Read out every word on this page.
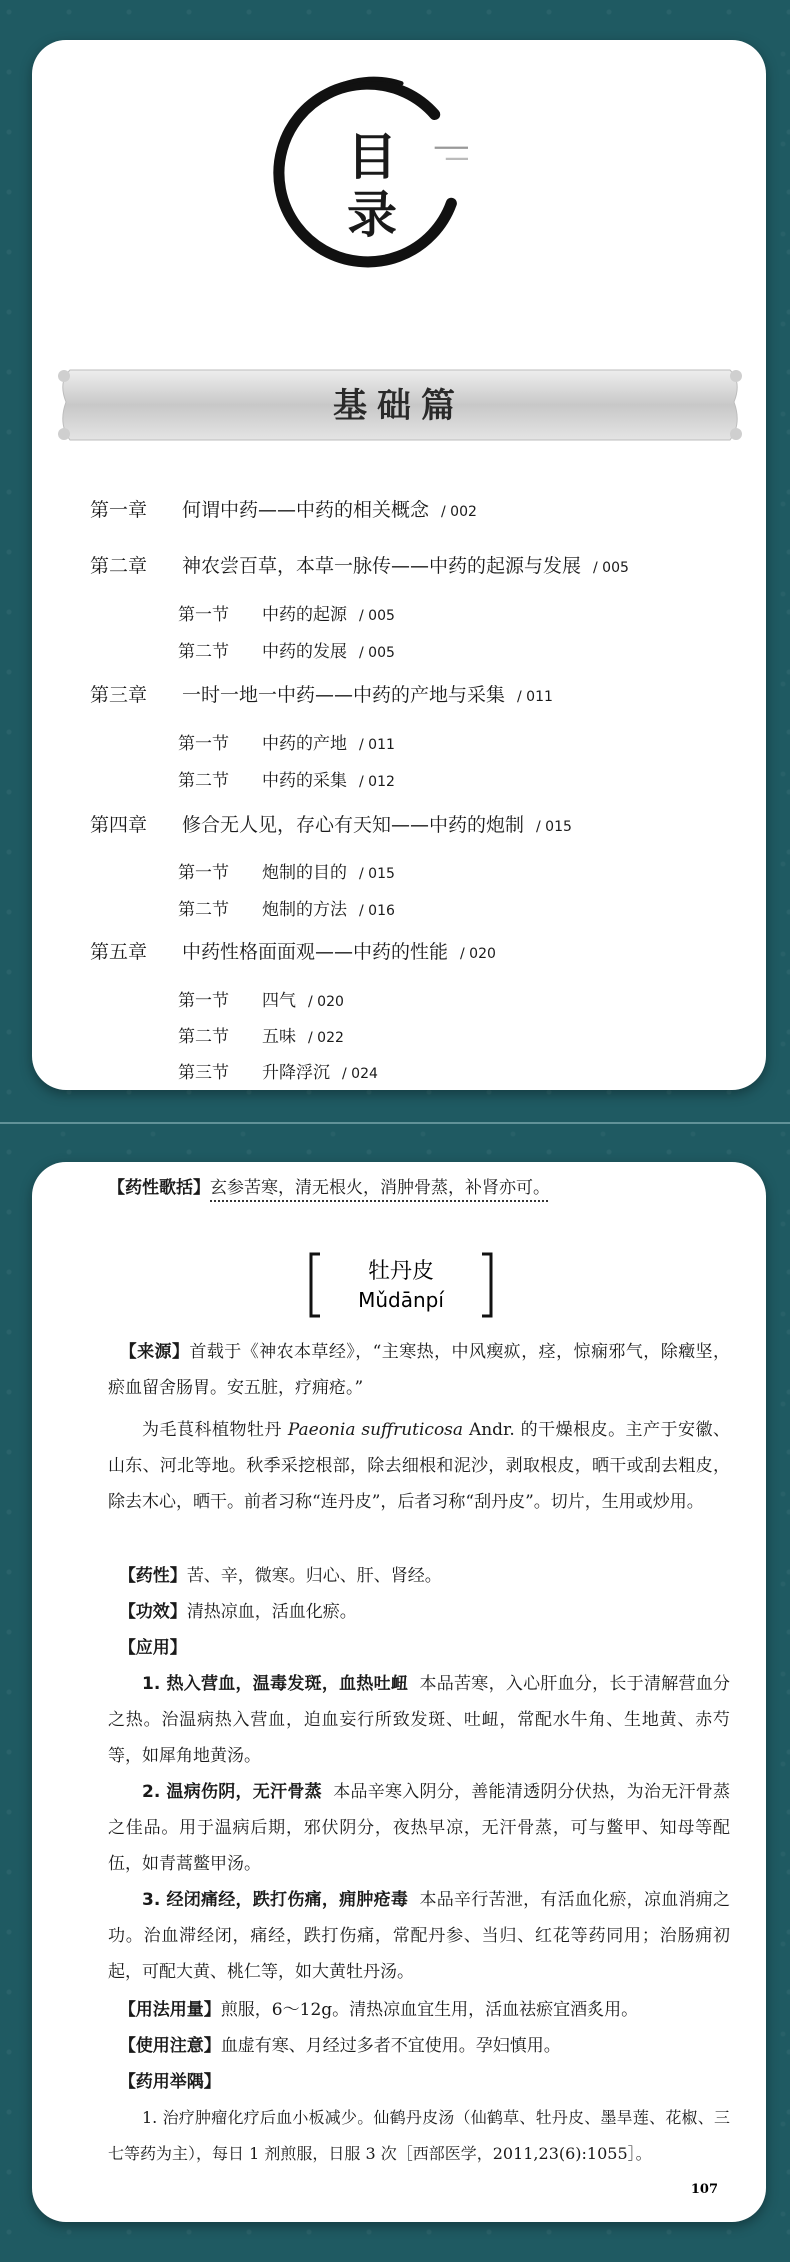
目
录
基础篇
第一章 何谓中药——中药的相关概念 / 002
第二章 神农尝百草，本草一脉传——中药的起源与发展 / 005
第一节 中药的起源 / 005
第二节 中药的发展 / 005
第三章 一时一地一中药——中药的产地与采集 / 011
第一节 中药的产地 / 011
第二节 中药的采集 / 012
第四章 修合无人见，存心有天知——中药的炮制 / 015
第一节 炮制的目的 / 015
第二节 炮制的方法 / 016
第五章 中药性格面面观——中药的性能 / 020
第一节 四气 / 020
第二节 五味 / 022
第三节 升降浮沉 / 024
【药性歌括】玄参苦寒，清无根火，消肿骨蒸，补肾亦可。
牡丹皮
Mǔdānpí
【来源】首载于《神农本草经》，“主寒热，中风瘈疭，痉，惊痫邪气，除癥坚，瘀血留舍肠胃。安五脏，疗痈疮。”
为毛茛科植物牡丹 Paeonia suffruticosa Andr. 的干燥根皮。主产于安徽、山东、河北等地。秋季采挖根部，除去细根和泥沙，剥取根皮，晒干或刮去粗皮，除去木心，晒干。前者习称“连丹皮”，后者习称“刮丹皮”。切片，生用或炒用。
【药性】苦、辛，微寒。归心、肝、肾经。
【功效】清热凉血，活血化瘀。
【应用】
1. 热入营血，温毒发斑，血热吐衄 本品苦寒，入心肝血分，长于清解营血分之热。治温病热入营血，迫血妄行所致发斑、吐衄，常配水牛角、生地黄、赤芍等，如犀角地黄汤。
2. 温病伤阴，无汗骨蒸 本品辛寒入阴分，善能清透阴分伏热，为治无汗骨蒸之佳品。用于温病后期，邪伏阴分，夜热早凉，无汗骨蒸，可与鳖甲、知母等配伍，如青蒿鳖甲汤。
3. 经闭痛经，跌打伤痛，痈肿疮毒 本品辛行苦泄，有活血化瘀，凉血消痈之功。治血滞经闭，痛经，跌打伤痛，常配丹参、当归、红花等药同用；治肠痈初起，可配大黄、桃仁等，如大黄牡丹汤。
【用法用量】煎服，6～12g。清热凉血宜生用，活血祛瘀宜酒炙用。
【使用注意】血虚有寒、月经过多者不宜使用。孕妇慎用。
【药用举隅】
1. 治疗肿瘤化疗后血小板减少。仙鹤丹皮汤（仙鹤草、牡丹皮、墨旱莲、花椒、三七等药为主），每日 1 剂煎服，日服 3 次［西部医学，2011,23(6):1055］。
107
